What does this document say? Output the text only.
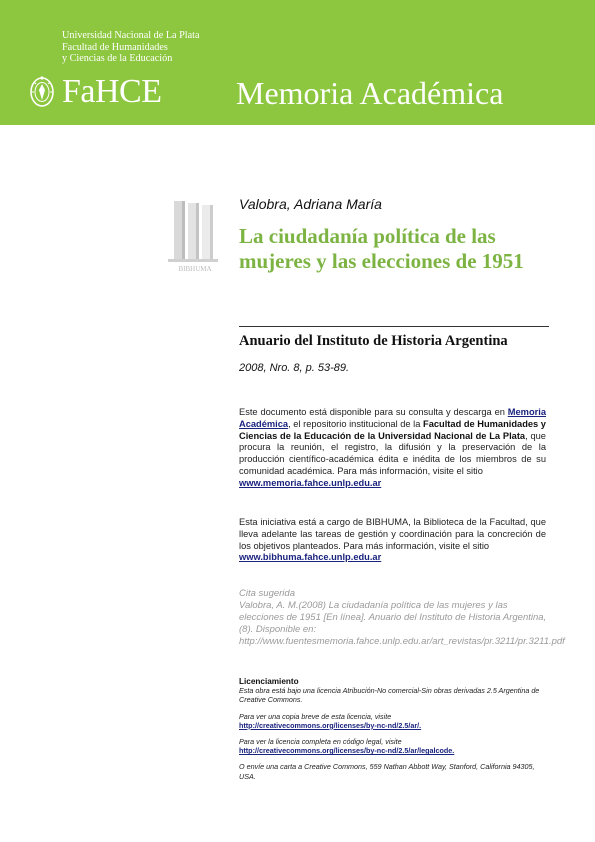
Universidad Nacional de La Plata
Facultad de Humanidades
y Ciencias de la Educación
FaHCE Memoria Académica
BIBHUMA
Valobra, Adriana María
La ciudadanía política de las mujeres y las elecciones de 1951
Anuario del Instituto de Historia Argentina
2008, Nro. 8, p. 53-89.
Este documento está disponible para su consulta y descarga en Memoria Académica, el repositorio institucional de la Facultad de Humanidades y Ciencias de la Educación de la Universidad Nacional de La Plata, que procura la reunión, el registro, la difusión y la preservación de la producción científico-académica édita e inédita de los miembros de su comunidad académica. Para más información, visite el sitio
www.memoria.fahce.unlp.edu.ar
Esta iniciativa está a cargo de BIBHUMA, la Biblioteca de la Facultad, que lleva adelante las tareas de gestión y coordinación para la concreción de los objetivos planteados. Para más información, visite el sitio
www.bibhuma.fahce.unlp.edu.ar
Cita sugerida
Valobra, A. M.(2008) La ciudadanía política de las mujeres y las elecciones de 1951 [En línea]. Anuario del Instituto de Historia Argentina, (8). Disponible en: http://www.fuentesmemoria.fahce.unlp.edu.ar/art_revistas/pr.3211/pr.3211.pdf
Licenciamiento
Esta obra está bajo una licencia Atribución-No comercial-Sin obras derivadas 2.5 Argentina de Creative Commons.
Para ver una copia breve de esta licencia, visite
http://creativecommons.org/licenses/by-nc-nd/2.5/ar/.
Para ver la licencia completa en código legal, visite
http://creativecommons.org/licenses/by-nc-nd/2.5/ar/legalcode.
O envíe una carta a Creative Commons, 559 Nathan Abbott Way, Stanford, California 94305, USA.
